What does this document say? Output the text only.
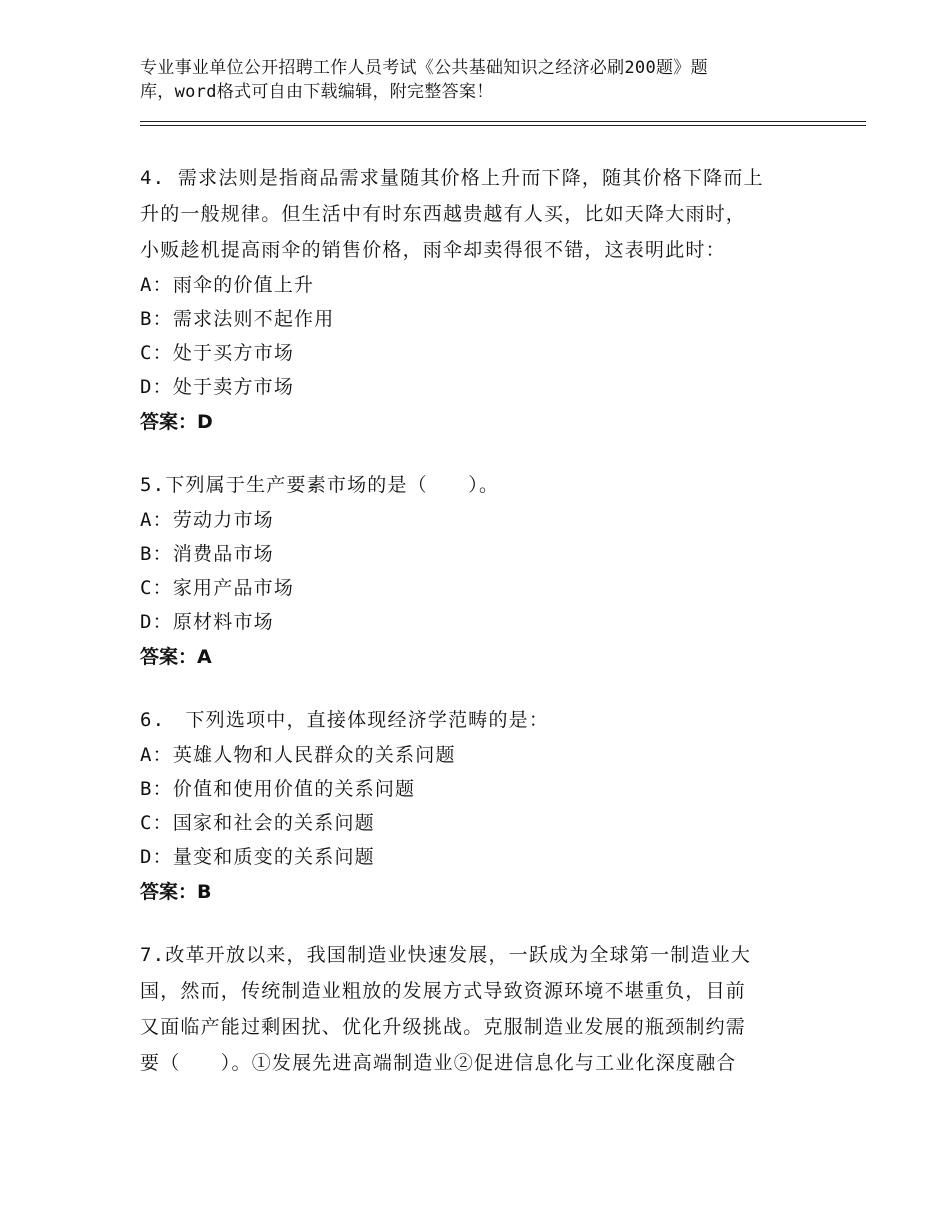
专业事业单位公开招聘工作人员考试《公共基础知识之经济必刷200题》题
库，word格式可自由下载编辑，附完整答案！

4. 需求法则是指商品需求量随其价格上升而下降，随其价格下降而上

升的一般规律。但生活中有时东西越贵越有人买，比如天降大雨时，

小贩趁机提高雨伞的销售价格，雨伞却卖得很不错，这表明此时：

A：雨伞的价值上升

B：需求法则不起作用

C：处于买方市场

D：处于卖方市场

答案：D

5.下列属于生产要素市场的是（　　）。

A：劳动力市场

B：消费品市场

C：家用产品市场

D：原材料市场

答案：A

6.　下列选项中，直接体现经济学范畴的是：

A：英雄人物和人民群众的关系问题

B：价值和使用价值的关系问题

C：国家和社会的关系问题

D：量变和质变的关系问题

答案：B

7.改革开放以来，我国制造业快速发展，一跃成为全球第一制造业大

国，然而，传统制造业粗放的发展方式导致资源环境不堪重负，目前

又面临产能过剩困扰、优化升级挑战。克服制造业发展的瓶颈制约需

要（　　）。①发展先进高端制造业②促进信息化与工业化深度融合
